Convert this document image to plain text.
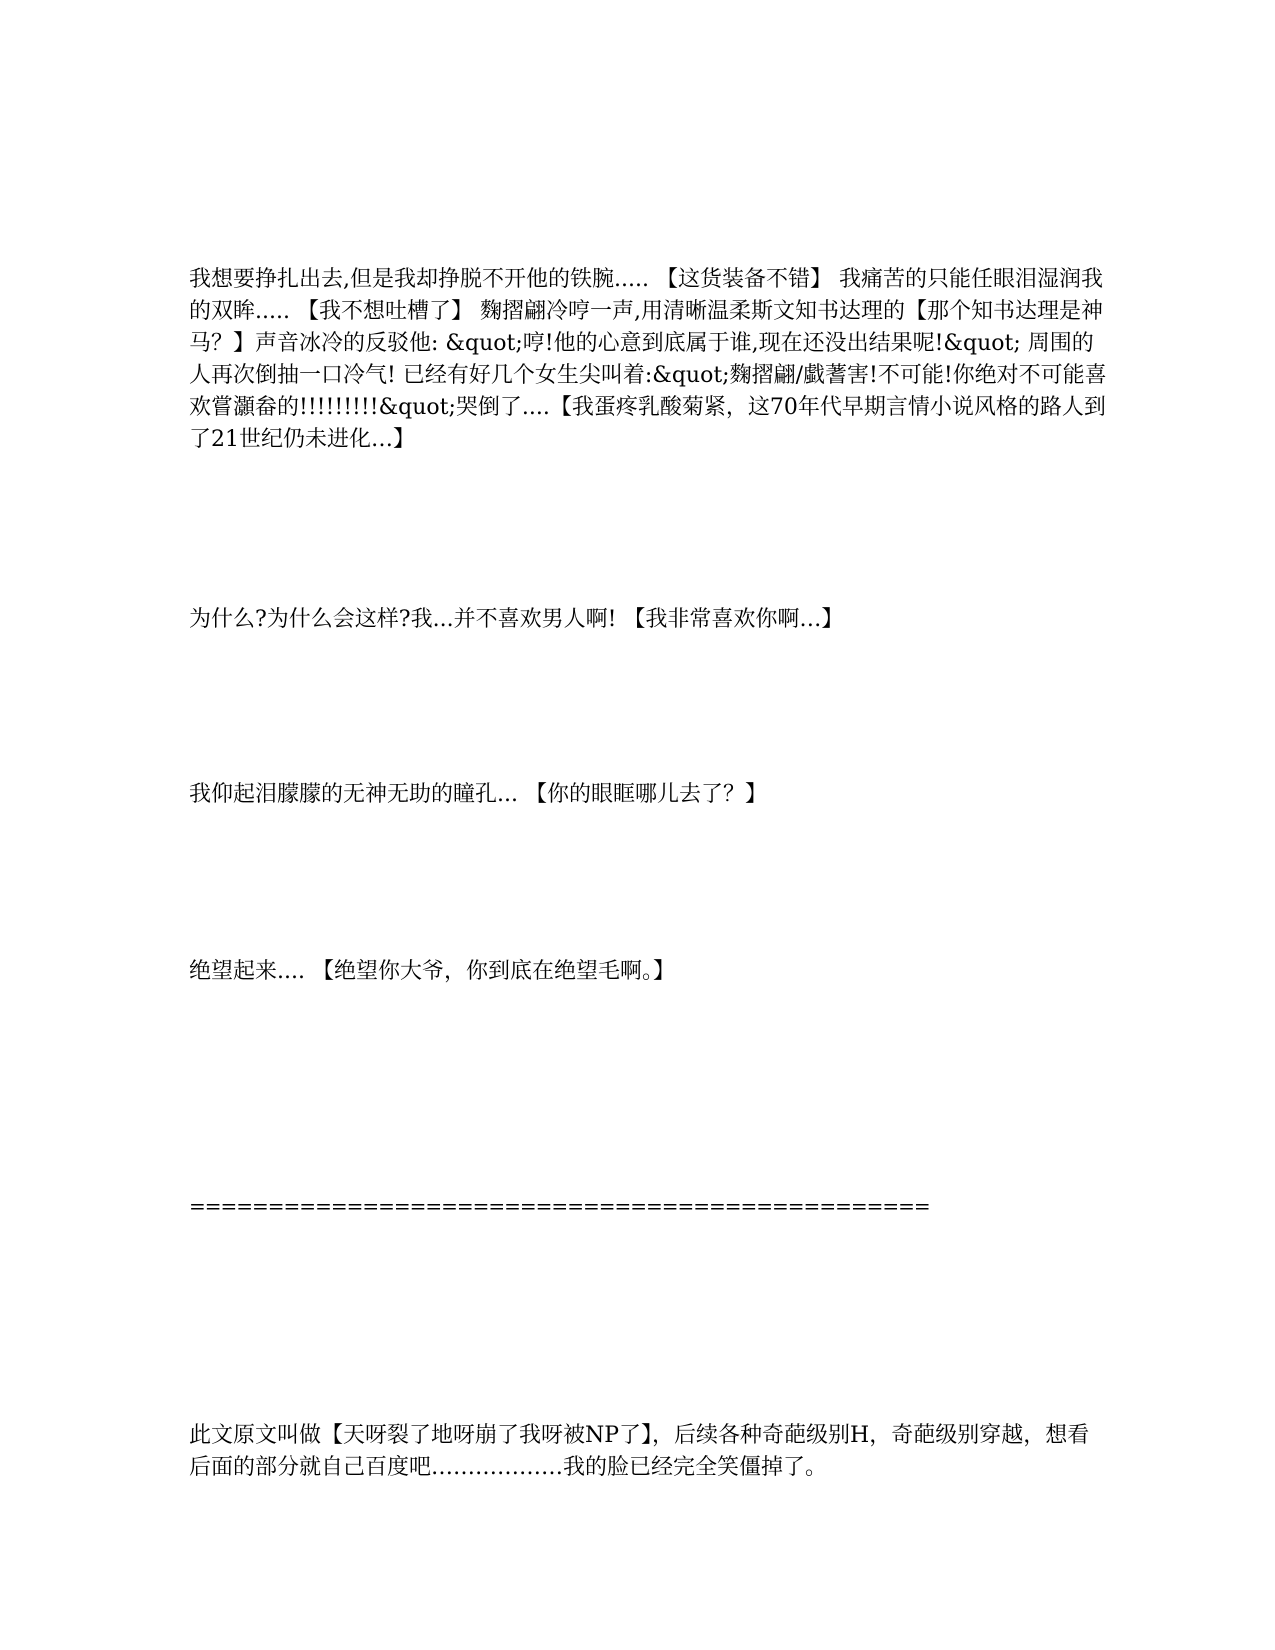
我想要挣扎出去,但是我却挣脱不开他的铁腕..... 【这货装备不错】 我痛苦的只能任眼泪湿润我的双眸..... 【我不想吐槽了】 麴摺翩冷哼一声,用清晰温柔斯文知书达理的【那个知书达理是神马？】声音冰冷的反驳他: &quot;哼!他的心意到底属于谁,现在还没出结果呢!&quot; 周围的人再次倒抽一口冷气! 已经有好几个女生尖叫着:&quot;麴摺翩/戱蓍害!不可能!你绝对不可能喜欢嘗灝畚的!!!!!!!!!&quot;哭倒了....【我蛋疼乳酸菊紧，这70年代早期言情小说风格的路人到了21世纪仍未进化…】

为什么?为什么会这样?我...并不喜欢男人啊! 【我非常喜欢你啊…】

我仰起泪朦朦的无神无助的瞳孔... 【你的眼眶哪儿去了？】

绝望起来.... 【绝望你大爷，你到底在绝望毛啊。】

===============================================

此文原文叫做【天呀裂了地呀崩了我呀被NP了】，后续各种奇葩级别H，奇葩级别穿越，想看后面的部分就自己百度吧………………我的脸已经完全笑僵掉了。
